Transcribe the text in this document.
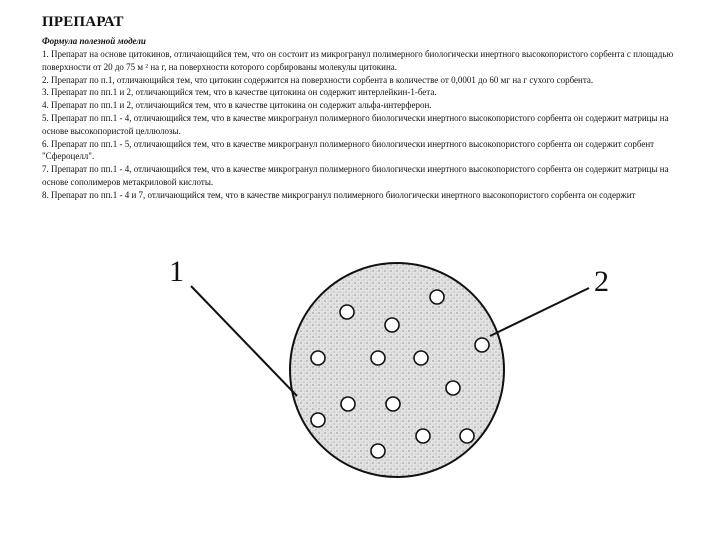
ПРЕПАРАТ
Формула полезной модели

1. Препарат на основе цитокинов, отличающийся тем, что он состоит из микрогранул полимерного биологически инертного высокопористого сорбента с площадью поверхности от 20 до 75 м ² на г, на поверхности которого сорбированы молекулы цитокина.

2. Препарат по п.1, отличающийся тем, что цитокин содержится на поверхности сорбента в количестве от 0,0001 до 60 мг на г сухого сорбента.

3. Препарат по пп.1 и 2, отличающийся тем, что в качестве цитокина он содержит интерлейкин-1-бета.

4. Препарат по пп.1 и 2, отличающийся тем, что в качестве цитокина он содержит альфа-интерферон.

5. Препарат по пп.1 - 4, отличающийся тем, что в качестве микрогранул полимерного биологически инертного высокопористого сорбента он содержит матрицы на основе высокопористой целлюлозы.

6. Препарат по пп.1 - 5, отличающийся тем, что в качестве микрогранул полимерного биологически инертного высокопористого сорбента он содержит сорбент "Сфероцелл".

7. Препарат по пп.1 - 4, отличающийся тем, что в качестве микрогранул полимерного биологически инертного высокопористого сорбента он содержит матрицы на основе сополимеров метакриловой кислоты.

8. Препарат по пп.1 - 4 и 7, отличающийся тем, что в качестве микрогранул полимерного биологически инертного высокопористого сорбента он содержит

1	2
